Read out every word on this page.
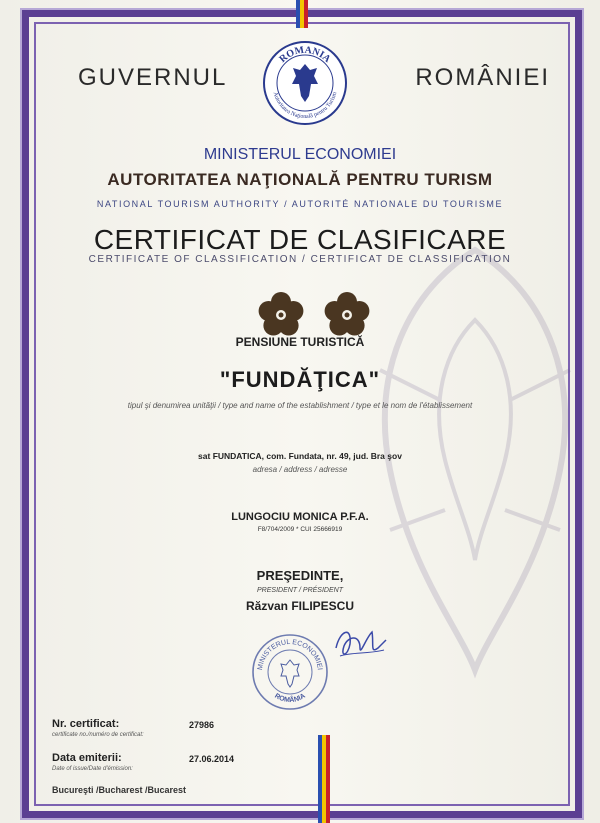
GUVERNUL
ROMANIA
Autoritatea Naţională pentru Turism
ROMÂNIEI
MINISTERUL ECONOMIEI
AUTORITATEA NAŢIONALĂ PENTRU TURISM
NATIONAL TOURISM AUTHORITY / AUTORITÉ NATIONALE DU TOURISME
CERTIFICAT DE CLASIFICARE
CERTIFICATE OF CLASSIFICATION / CERTIFICAT DE CLASSIFICATION
PENSIUNE TURISTICĂ
"FUNDĂŢICA"
tipul şi denumirea unităţii / type and name of the establishment / type et le nom de l'établissement
sat FUNDATICA, com. Fundata, nr. 49, jud. Bra şov
adresa / address / adresse
LUNGOCIU MONICA P.F.A.
F8/704/2009 * CUI 25666919
PREŞEDINTE,
PRESIDENT / PRÉSIDENT
Răzvan FILIPESCU
MINISTERUL ECONOMIEI
ROMÂNIA
Nr. certificat:
certificate no./numéro de certificat:
27986
Data emiterii:
Date of issue/Date d'émission:
27.06.2014
Bucureşti /Bucharest /Bucarest
